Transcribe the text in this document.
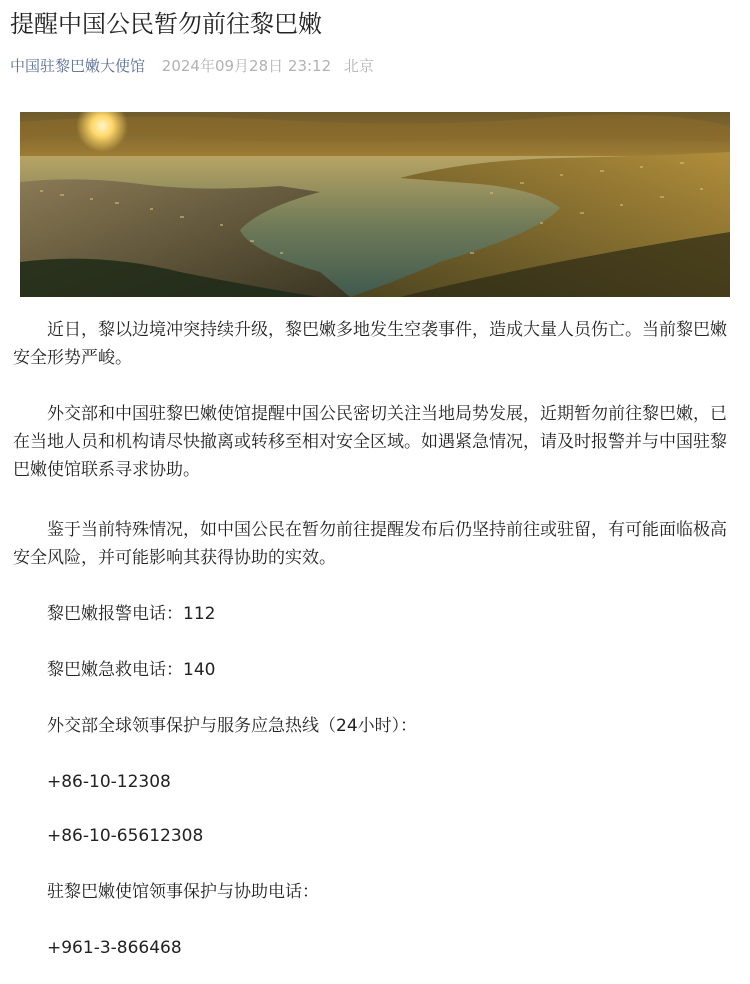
提醒中国公民暂勿前往黎巴嫩
中国驻黎巴嫩大使馆 2024年09月28日 23:12 北京

近日，黎以边境冲突持续升级，黎巴嫩多地发生空袭事件，造成大量人员伤亡。当前黎巴嫩安全形势严峻。

外交部和中国驻黎巴嫩使馆提醒中国公民密切关注当地局势发展，近期暂勿前往黎巴嫩，已在当地人员和机构请尽快撤离或转移至相对安全区域。如遇紧急情况，请及时报警并与中国驻黎巴嫩使馆联系寻求协助。

鉴于当前特殊情况，如中国公民在暂勿前往提醒发布后仍坚持前往或驻留，有可能面临极高安全风险，并可能影响其获得协助的实效。

黎巴嫩报警电话：112

黎巴嫩急救电话：140

外交部全球领事保护与服务应急热线（24小时）：

+86-10-12308

+86-10-65612308

驻黎巴嫩使馆领事保护与协助电话：

+961-3-866468
